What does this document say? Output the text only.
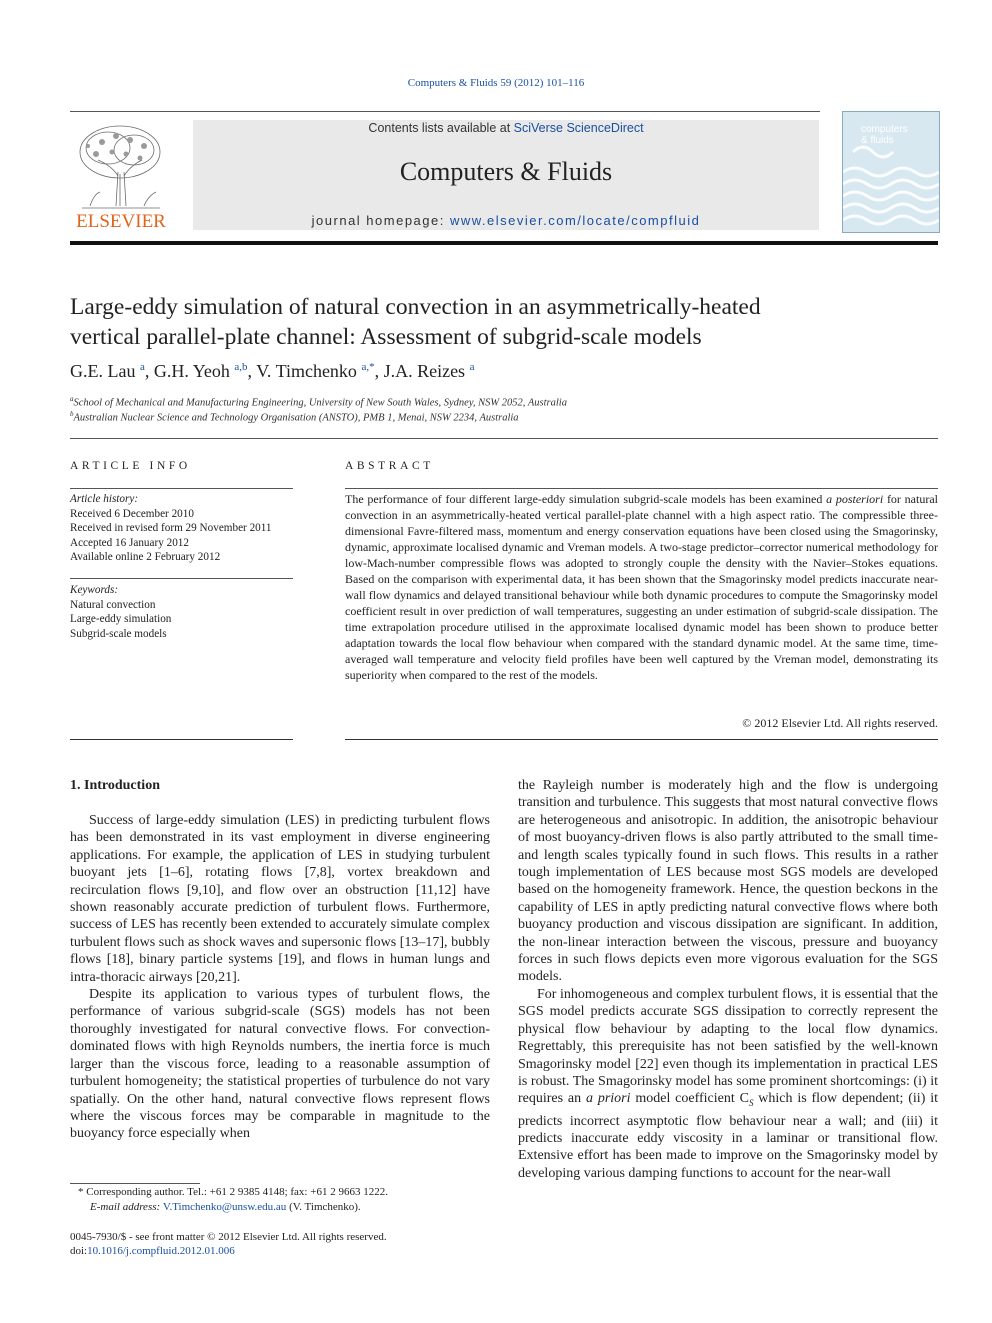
Computers & Fluids 59 (2012) 101–116
ELSEVIER
Contents lists available at SciVerse ScienceDirect
Computers & Fluids
journal homepage: www.elsevier.com/locate/compfluid
computers
& fluids
Large-eddy simulation of natural convection in an asymmetrically-heated
vertical parallel-plate channel: Assessment of subgrid-scale models
G.E. Lau $^a$, G.H. Yeoh $^{a,b}$, V. Timchenko $^{a,*}$, J.A. Reizes $^a$
$^a$School of Mechanical and Manufacturing Engineering, University of New South Wales, Sydney, NSW 2052, Australia
$^b$Australian Nuclear Science and Technology Organisation (ANSTO), PMB 1, Menai, NSW 2234, Australia
ARTICLE INFO
Article history:
Received 6 December 2010
Received in revised form 29 November 2011
Accepted 16 January 2012
Available online 2 February 2012
Keywords:
Natural convection
Large-eddy simulation
Subgrid-scale models
ABSTRACT
The performance of four different large-eddy simulation subgrid-scale models has been examined a posteriori for natural convection in an asymmetrically-heated vertical parallel-plate channel with a high aspect ratio. The compressible three-dimensional Favre-filtered mass, momentum and energy conservation equations have been closed using the Smagorinsky, dynamic, approximate localised dynamic and Vreman models. A two-stage predictor–corrector numerical methodology for low-Mach-number compressible flows was adopted to strongly couple the density with the Navier–Stokes equations. Based on the comparison with experimental data, it has been shown that the Smagorinsky model predicts inaccurate near-wall flow dynamics and delayed transitional behaviour while both dynamic procedures to compute the Smagorinsky model coefficient result in over prediction of wall temperatures, suggesting an under estimation of subgrid-scale dissipation. The time extrapolation procedure utilised in the approximate localised dynamic model has been shown to produce better adaptation towards the local flow behaviour when compared with the standard dynamic model. At the same time, time-averaged wall temperature and velocity field profiles have been well captured by the Vreman model, demonstrating its superiority when compared to the rest of the models.
© 2012 Elsevier Ltd. All rights reserved.
1. Introduction

Success of large-eddy simulation (LES) in predicting turbulent flows has been demonstrated in its vast employment in diverse engineering applications. For example, the application of LES in studying turbulent buoyant jets [1–6], rotating flows [7,8], vortex breakdown and recirculation flows [9,10], and flow over an obstruction [11,12] have shown reasonably accurate prediction of turbulent flows. Furthermore, success of LES has recently been extended to accurately simulate complex turbulent flows such as shock waves and supersonic flows [13–17], bubbly flows [18], binary particle systems [19], and flows in human lungs and intra-thoracic airways [20,21].

Despite its application to various types of turbulent flows, the performance of various subgrid-scale (SGS) models has not been thoroughly investigated for natural convective flows. For convection-dominated flows with high Reynolds numbers, the inertia force is much larger than the viscous force, leading to a reasonable assumption of turbulent homogeneity; the statistical properties of turbulence do not vary spatially. On the other hand, natural convective flows represent flows where the viscous forces may be comparable in magnitude to the buoyancy force especially when

the Rayleigh number is moderately high and the flow is undergoing transition and turbulence. This suggests that most natural convective flows are heterogeneous and anisotropic. In addition, the anisotropic behaviour of most buoyancy-driven flows is also partly attributed to the small time- and length scales typically found in such flows. This results in a rather tough implementation of LES because most SGS models are developed based on the homogeneity framework. Hence, the question beckons in the capability of LES in aptly predicting natural convective flows where both buoyancy production and viscous dissipation are significant. In addition, the non-linear interaction between the viscous, pressure and buoyancy forces in such flows depicts even more vigorous evaluation for the SGS models.

For inhomogeneous and complex turbulent flows, it is essential that the SGS model predicts accurate SGS dissipation to correctly represent the physical flow behaviour by adapting to the local flow dynamics. Regrettably, this prerequisite has not been satisfied by the well-known Smagorinsky model [22] even though its implementation in practical LES is robust. The Smagorinsky model has some prominent shortcomings: (i) it requires an a priori model coefficient $C_S$ which is flow dependent; (ii) it predicts incorrect asymptotic flow behaviour near a wall; and (iii) it predicts inaccurate eddy viscosity in a laminar or transitional flow. Extensive effort has been made to improve on the Smagorinsky model by developing various damping functions to account for the near-wall

* Corresponding author. Tel.: +61 2 9385 4148; fax: +61 2 9663 1222.
E-mail address: V.Timchenko@unsw.edu.au (V. Timchenko).
0045-7930/$ - see front matter © 2012 Elsevier Ltd. All rights reserved.
doi:10.1016/j.compfluid.2012.01.006
